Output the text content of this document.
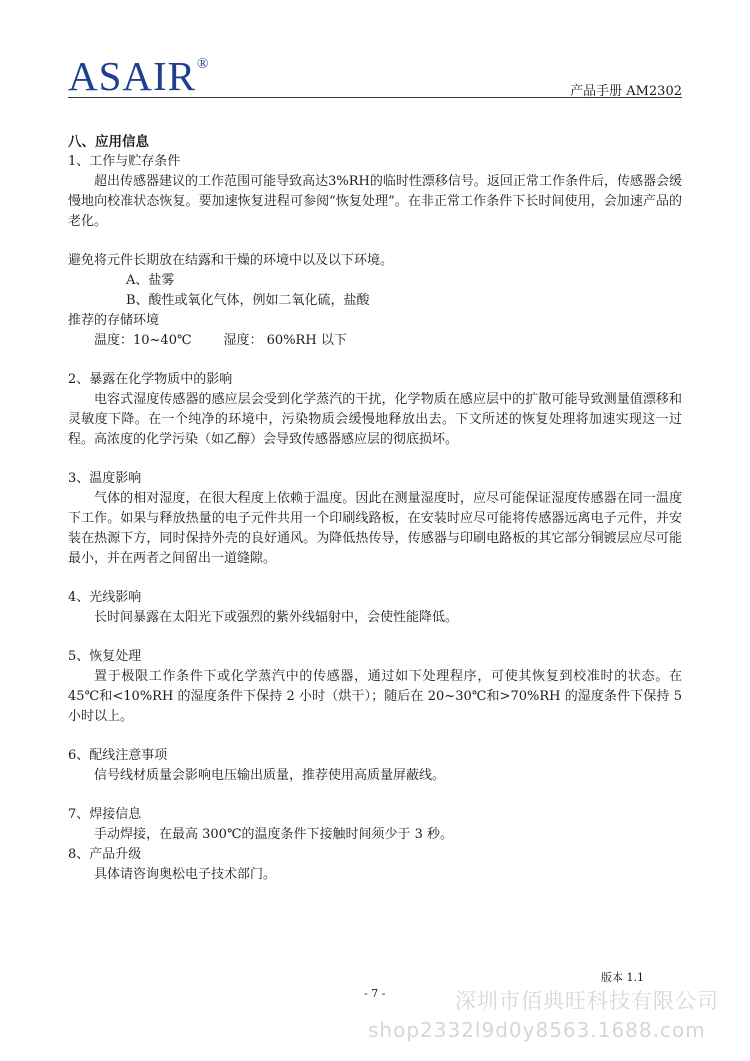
ASAIR®
产品手册 AM2302

八、应用信息

1、工作与贮存条件

超出传感器建议的工作范围可能导致高达3%RH的临时性漂移信号。返回正常工作条件后，传感器会缓慢地向校准状态恢复。要加速恢复进程可参阅“恢复处理”。在非正常工作条件下长时间使用，会加速产品的老化。

避免将元件长期放在结露和干燥的环境中以及以下环境。

A、盐雾

B、酸性或氧化气体，例如二氧化硫，盐酸

推荐的存储环境

温度：10~40℃ 湿度： 60%RH 以下

2、暴露在化学物质中的影响

电容式湿度传感器的感应层会受到化学蒸汽的干扰，化学物质在感应层中的扩散可能导致测量值漂移和灵敏度下降。在一个纯净的环境中，污染物质会缓慢地释放出去。下文所述的恢复处理将加速实现这一过程。高浓度的化学污染（如乙醇）会导致传感器感应层的彻底损坏。

3、温度影响

气体的相对湿度，在很大程度上依赖于温度。因此在测量湿度时，应尽可能保证湿度传感器在同一温度下工作。如果与释放热量的电子元件共用一个印刷线路板，在安装时应尽可能将传感器远离电子元件，并安装在热源下方，同时保持外壳的良好通风。为降低热传导，传感器与印刷电路板的其它部分铜镀层应尽可能最小，并在两者之间留出一道缝隙。

4、光线影响

长时间暴露在太阳光下或强烈的紫外线辐射中，会使性能降低。

5、恢复处理

置于极限工作条件下或化学蒸汽中的传感器，通过如下处理程序，可使其恢复到校准时的状态。在 45℃和<10%RH 的湿度条件下保持 2 小时（烘干）；随后在 20~30℃和>70%RH 的湿度条件下保持 5 小时以上。

6、配线注意事项

信号线材质量会影响电压输出质量，推荐使用高质量屏蔽线。

7、焊接信息

手动焊接，在最高 300℃的温度条件下接触时间须少于 3 秒。

8、产品升级

具体请咨询奥松电子技术部门。

版本 1.1
- 7 -	深圳市佰典旺科技有限公司
shop2332l9d0y8563.1688.com
